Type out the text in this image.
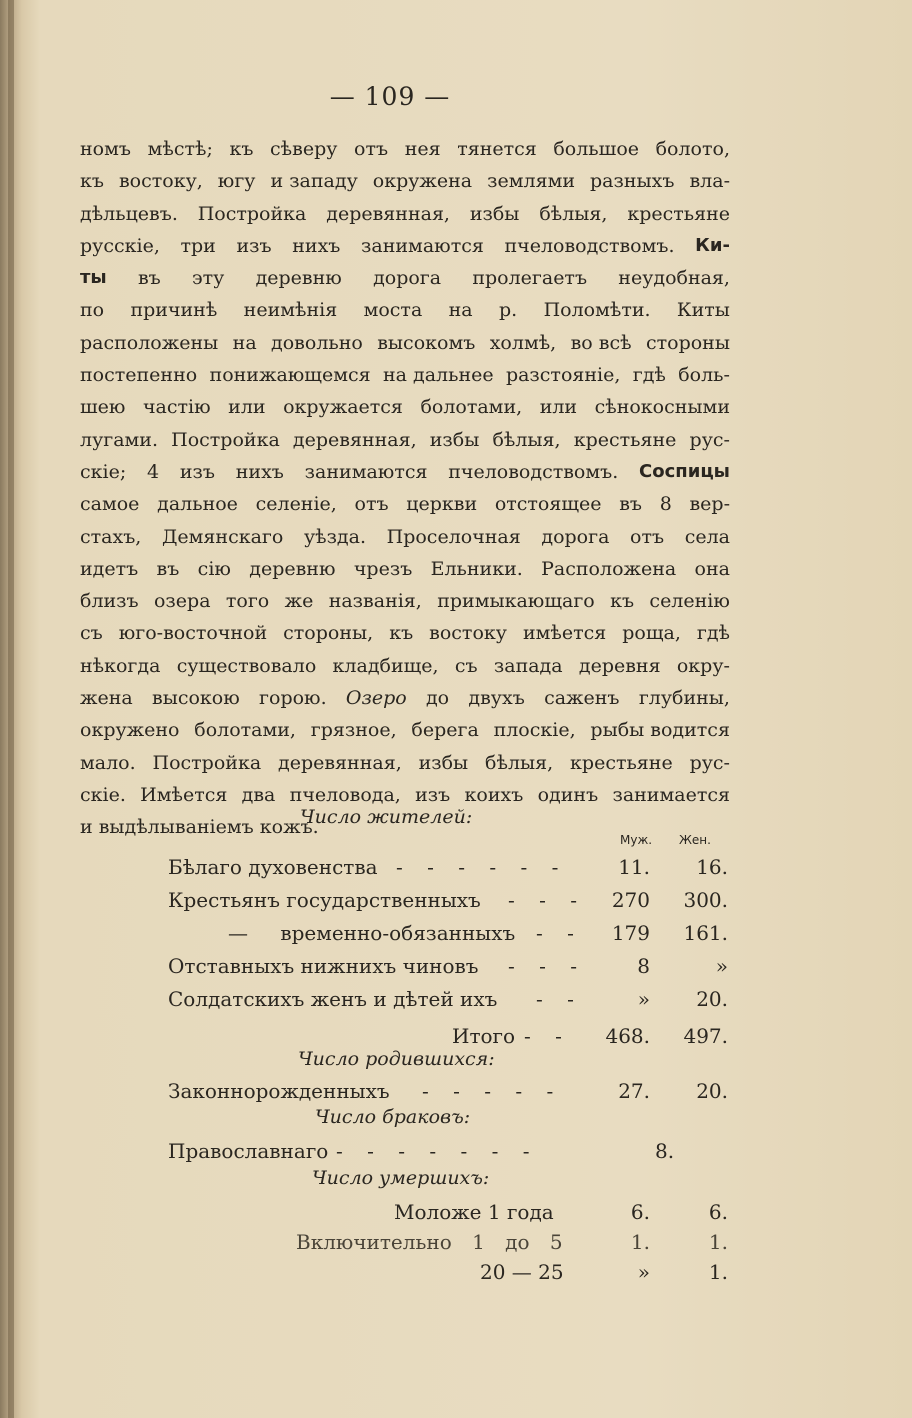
— 109 —
номъ мѣстѣ; къ сѣверу отъ нея тянется большое болото,
къ востоку, югу и западу окружена землями разныхъ вла-
дѣльцевъ. Постройка деревянная, избы бѣлыя, крестьяне
русскіе, три изъ нихъ занимаются пчеловодствомъ. Ки-
ты въ эту деревню дорога пролегаетъ неудобная,
по причинѣ неимѣнія моста на р. Поломѣти. Киты
расположены на довольно высокомъ холмѣ, во всѣ стороны
постепенно понижающемся на дальнее разстояніе, гдѣ боль-
шею частію или окружается болотами, или сѣнокосными
лугами. Постройка деревянная, избы бѣлыя, крестьяне рус-
скіе; 4 изъ нихъ занимаются пчеловодствомъ. Соспицы
самое дальное селеніе, отъ церкви отстоящее въ 8 вер-
стахъ, Демянскаго уѣзда. Проселочная дорога отъ села
идетъ въ сію деревню чрезъ Ельники. Расположена она
близъ озера того же названія, примыкающаго къ селенію
съ юго-восточной стороны, къ востоку имѣется роща, гдѣ
нѣкогда существовало кладбище, съ запада деревня окру-
жена высокою горою. Озеро до двухъ саженъ глубины,
окружено болотами, грязное, берега плоскіе, рыбы водится
мало. Постройка деревянная, избы бѣлыя, крестьяне рус-
скіе. Имѣется два пчеловода, изъ коихъ одинъ занимается
и выдѣлываніемъ кожъ.
Число жителей:
Муж. Жен.
Бѣлаго духовенства - - - - - -	11. 16.
Крестьянъ государственныхъ - - - 270 300.
— временно-обязанныхъ - - 179 161.
Отставныхъ нижнихъ чиновъ - - -	8	»
Солдатскихъ женъ и дѣтей ихъ - -	» 20.
Итого - - 468. 497.
Число родившихся:
Законнорожденныхъ - - - - -	27. 20.
Число браковъ:
Православнаго - - - - - - -	8.
Число умершихъ:
Моложе 1 года	6.	6.
Включительно 1 до 5	1.	1.
20 — 25	»	1.
